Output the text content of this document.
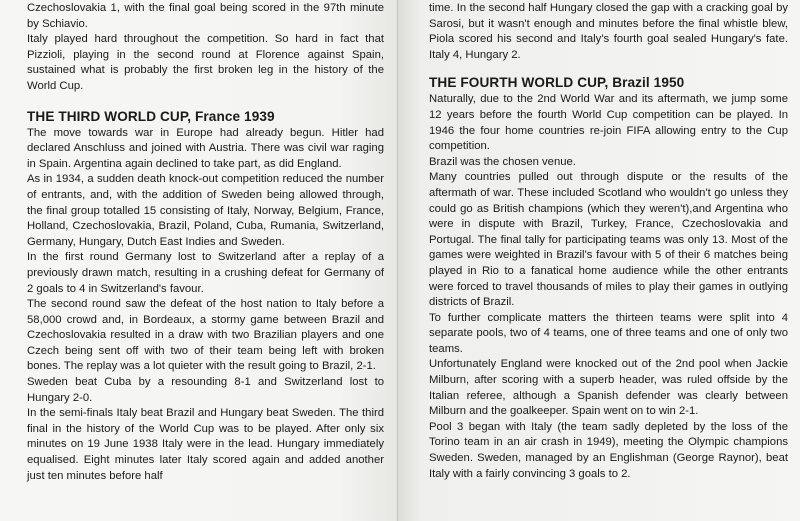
Czechoslovakia 1, with the final goal being scored in the 97th minute by Schiavio.

Italy played hard throughout the competition. So hard in fact that Pizzioli, playing in the second round at Florence against Spain, sustained what is probably the first broken leg in the history of the World Cup.

THE THIRD WORLD CUP, France 1939

The move towards war in Europe had already begun. Hitler had declared Anschluss and joined with Austria. There was civil war raging in Spain. Argentina again declined to take part, as did England.

As in 1934, a sudden death knock-out competition reduced the number of entrants, and, with the addition of Sweden being allowed through, the final group totalled 15 consisting of Italy, Norway, Belgium, France, Holland, Czechoslovakia, Brazil, Poland, Cuba, Rumania, Switzerland, Germany, Hungary, Dutch East Indies and Sweden.

In the first round Germany lost to Switzerland after a replay of a previously drawn match, resulting in a crushing defeat for Germany of 2 goals to 4 in Switzerland's favour.

The second round saw the defeat of the host nation to Italy before a 58,000 crowd and, in Bordeaux, a stormy game between Brazil and Czechoslovakia resulted in a draw with two Brazilian players and one Czech being sent off with two of their team being left with broken bones. The replay was a lot quieter with the result going to Brazil, 2-1.

Sweden beat Cuba by a resounding 8-1 and Switzerland lost to Hungary 2-0.

In the semi-finals Italy beat Brazil and Hungary beat Sweden. The third final in the history of the World Cup was to be played. After only six minutes on 19 June 1938 Italy were in the lead. Hungary immediately equalised. Eight minutes later Italy scored again and added another just ten minutes before half

time. In the second half Hungary closed the gap with a cracking goal by Sarosi, but it wasn't enough and minutes before the final whistle blew, Piola scored his second and Italy's fourth goal sealed Hungary's fate. Italy 4, Hungary 2.

THE FOURTH WORLD CUP, Brazil 1950

Naturally, due to the 2nd World War and its aftermath, we jump some 12 years before the fourth World Cup competition can be played. In 1946 the four home countries re-join FIFA allowing entry to the Cup competition.

Brazil was the chosen venue.

Many countries pulled out through dispute or the results of the aftermath of war. These included Scotland who wouldn't go unless they could go as British champions (which they weren't),and Argentina who were in dispute with Brazil, Turkey, France, Czechoslovakia and Portugal. The final tally for participating teams was only 13. Most of the games were weighted in Brazil's favour with 5 of their 6 matches being played in Rio to a fanatical home audience while the other entrants were forced to travel thousands of miles to play their games in outlying districts of Brazil.

To further complicate matters the thirteen teams were split into 4 separate pools, two of 4 teams, one of three teams and one of only two teams.

Unfortunately England were knocked out of the 2nd pool when Jackie Milburn, after scoring with a superb header, was ruled offside by the Italian referee, although a Spanish defender was clearly between Milburn and the goalkeeper. Spain went on to win 2-1.

Pool 3 began with Italy (the team sadly depleted by the loss of the Torino team in an air crash in 1949), meeting the Olympic champions Sweden. Sweden, managed by an Englishman (George Raynor), beat Italy with a fairly convincing 3 goals to 2.
